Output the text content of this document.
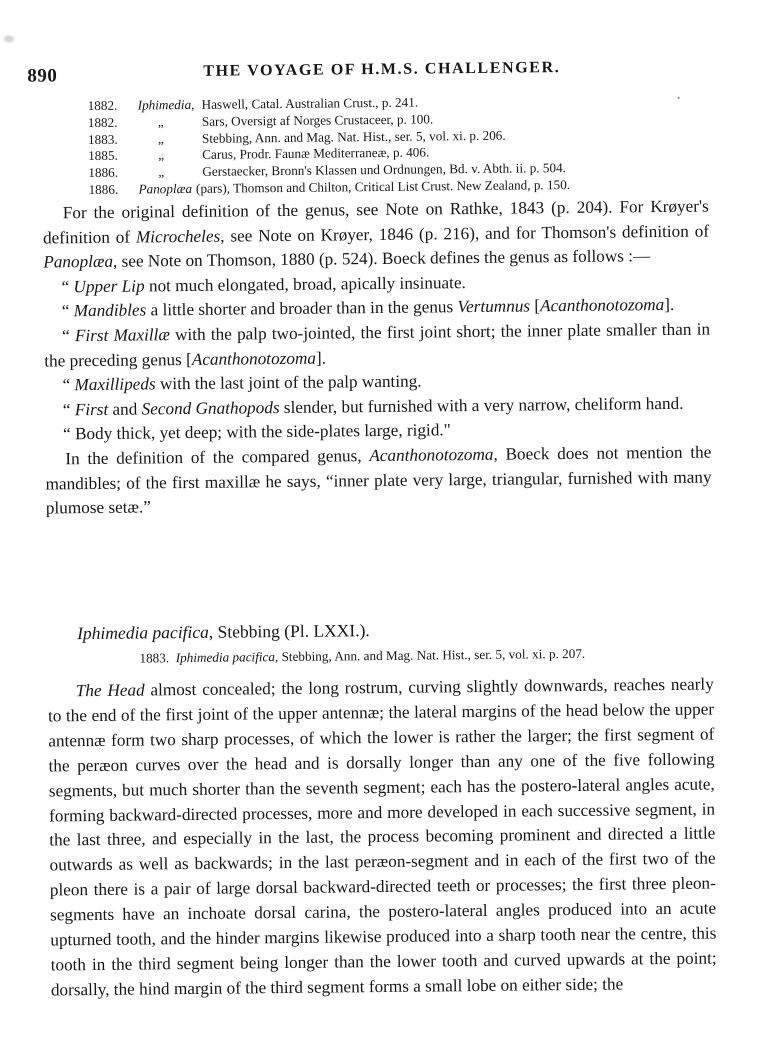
890	THE VOYAGE OF H.M.S. CHALLENGER.
1882.	Iphimedia, Haswell, Catal. Australian Crust., p. 241.
1882.	„	Sars, Oversigt af Norges Crustaceer, p. 100.
1883.	„	Stebbing, Ann. and Mag. Nat. Hist., ser. 5, vol. xi. p. 206.
1885.	„	Carus, Prodr. Faunæ Mediterraneæ, p. 406.
1886.	„	Gerstaecker, Bronn's Klassen und Ordnungen, Bd. v. Abth. ii. p. 504.
1886.	Panoplæa (pars), Thomson and Chilton, Critical List Crust. New Zealand, p. 150.

For the original definition of the genus, see Note on Rathke, 1843 (p. 204). For Krøyer's definition of Microcheles, see Note on Krøyer, 1846 (p. 216), and for Thomson's definition of Panoplæa, see Note on Thomson, 1880 (p. 524). Boeck defines the genus as follows :—

“ Upper Lip not much elongated, broad, apically insinuate.

“ Mandibles a little shorter and broader than in the genus Vertumnus [Acanthonotozoma].

“ First Maxillæ with the palp two-jointed, the first joint short; the inner plate smaller than in the preceding genus [Acanthonotozoma].

“ Maxillipeds with the last joint of the palp wanting.

“ First and Second Gnathopods slender, but furnished with a very narrow, cheliform hand.

“ Body thick, yet deep; with the side-plates large, rigid."

In the definition of the compared genus, Acanthonotozoma, Boeck does not mention the mandibles; of the first maxillæ he says, “inner plate very large, triangular, furnished with many plumose setæ.”

Iphimedia pacifica, Stebbing (Pl. LXXI.).
1883. Iphimedia pacifica, Stebbing, Ann. and Mag. Nat. Hist., ser. 5, vol. xi. p. 207.

The Head almost concealed; the long rostrum, curving slightly downwards, reaches nearly to the end of the first joint of the upper antennæ; the lateral margins of the head below the upper antennæ form two sharp processes, of which the lower is rather the larger; the first segment of the peræon curves over the head and is dorsally longer than any one of the five following segments, but much shorter than the seventh segment; each has the postero-lateral angles acute, forming backward-directed processes, more and more developed in each successive segment, in the last three, and especially in the last, the process becoming prominent and directed a little outwards as well as backwards; in the last peræon-segment and in each of the first two of the pleon there is a pair of large dorsal backward-directed teeth or processes; the first three pleon-segments have an inchoate dorsal carina, the postero-lateral angles produced into an acute upturned tooth, and the hinder margins likewise produced into a sharp tooth near the centre, this tooth in the third segment being longer than the lower tooth and curved upwards at the point; dorsally, the hind margin of the third segment forms a small lobe on either side; the
